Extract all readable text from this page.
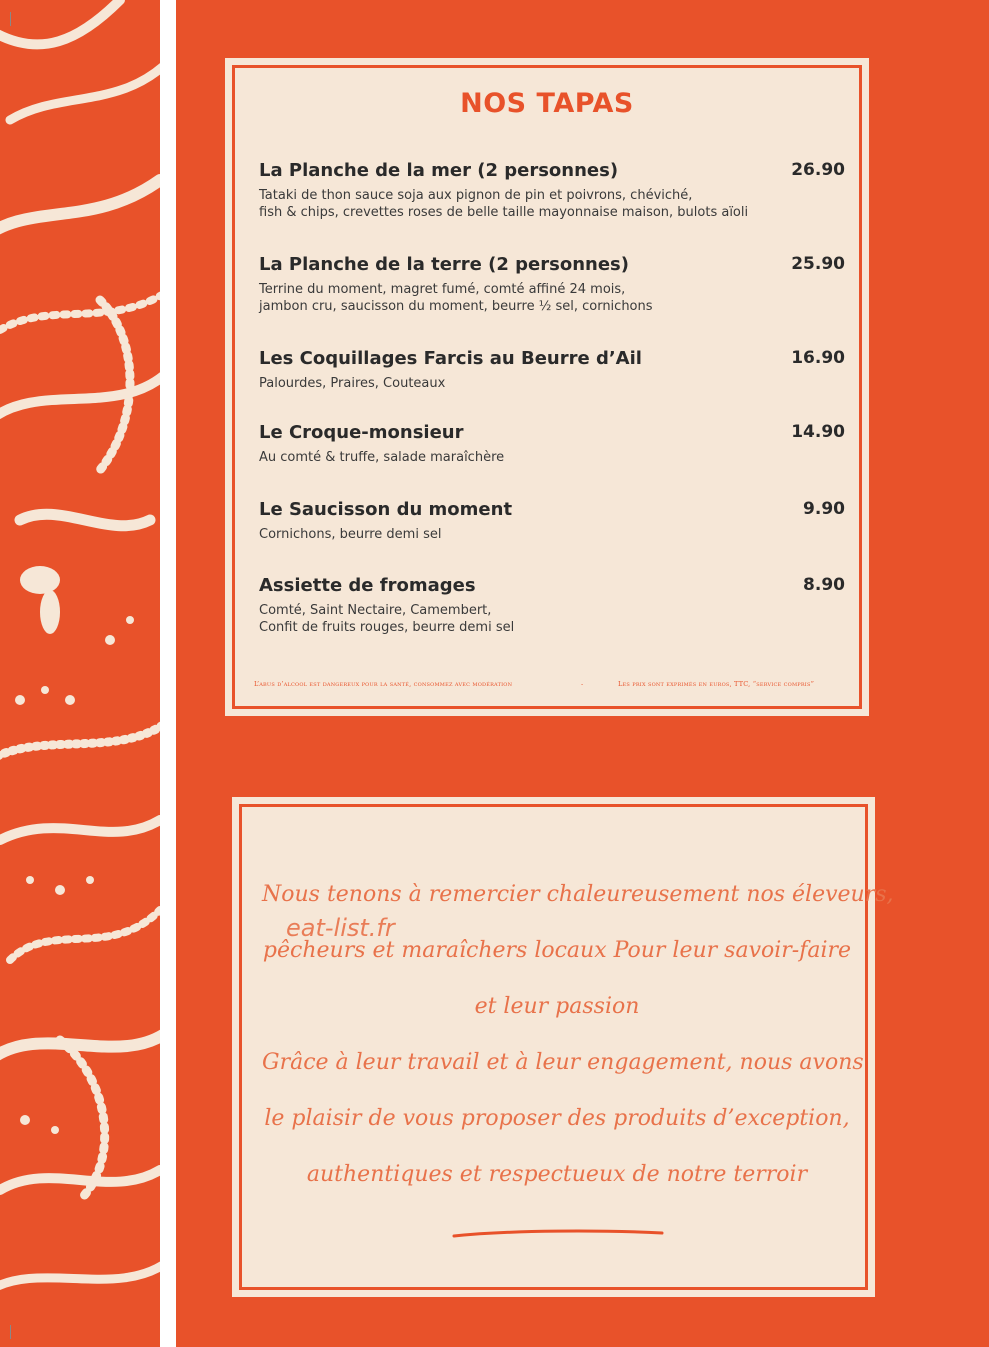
NOS TAPAS
La Planche de la mer (2 personnes)	26.90
Tataki de thon sauce soja aux pignon de pin et poivrons, chéviché,
fish & chips, crevettes roses de belle taille mayonnaise maison, bulots aïoli
La Planche de la terre (2 personnes)	25.90
Terrine du moment, magret fumé, comté affiné 24 mois,
jambon cru, saucisson du moment, beurre ½ sel, cornichons
Les Coquillages Farcis au Beurre d’Ail	16.90
Palourdes, Praires, Couteaux
Le Croque-monsieur	14.90
Au comté & truffe, salade maraîchère
Le Saucisson du moment	9.90
Cornichons, beurre demi sel
Assiette de fromages	8.90
Comté, Saint Nectaire, Camembert,
Confit de fruits rouges, beurre demi sel
L’abus d’alcool est dangereux pour la santé, consommez avec modération	-	Les prix sont exprimés en euros, TTC, “service compris”
Nous tenons à remercier chaleureusement nos éleveurs,
pêcheurs et maraîchers locaux Pour leur savoir-faire
et leur passion
Grâce à leur travail et à leur engagement, nous avons
le plaisir de vous proposer des produits d’exception,
authentiques et respectueux de notre terroir
eat-list.fr
